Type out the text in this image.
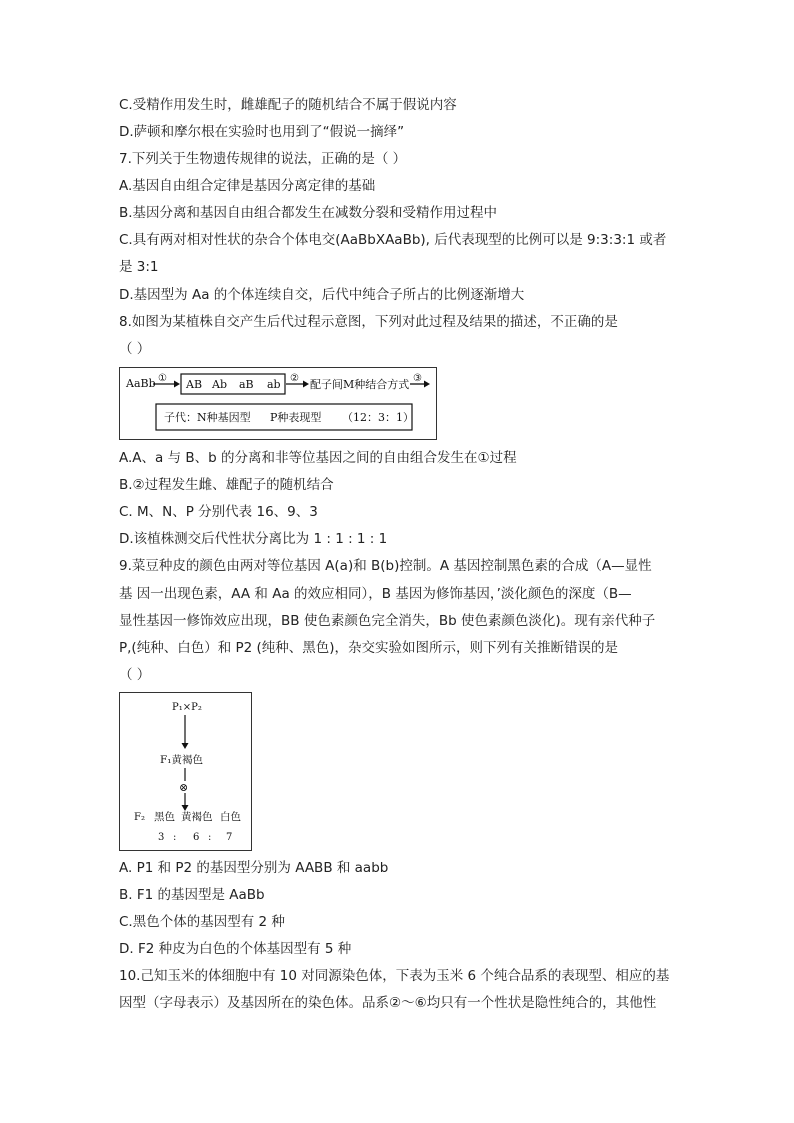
C.受精作用发生时，雌雄配子的随机结合不属于假说内容
D.萨顿和摩尔根在实验时也用到了“假说一摘绎”
7.下列关于生物遗传规律的说法，正确的是（ ）
A.基因自由组合定律是基因分离定律的基础
B.基因分离和基因自由组合都发生在减数分裂和受精作用过程中
C.具有两对相对性状的杂合个体电交(AaBbXAaBb), 后代表现型的比例可以是 9:3:3:1 或者
是 3:1
D.基因型为 Aa 的个体连续自交，后代中纯合子所占的比例逐渐增大
8.如图为某植株自交产生后代过程示意图，下列对此过程及结果的描述，不正确的是
（ ）
AaBb ① AB Ab aB ab ② 配子间M种结合方式 ③
子代：N种基因型 P种表现型 （12：3：1）
A.A、a 与 B、b 的分离和非等位基因之间的自由组合发生在①过程
B.②过程发生雌、雄配子的随机结合
C. M、N、P 分别代表 16、9、3
D.该植株测交后代性状分离比为 1 : 1 : 1 : 1
9.菜豆种皮的颜色由两对等位基因 A(a)和 B(b)控制。A 基因控制黑色素的合成（A—显性
基 因一出现色素，AA 和 Aa 的效应相同），B 基因为修饰基因，’淡化颜色的深度（B—
显性基因一修饰效应出现，BB 使色素颜色完全消失，Bb 使色素颜色淡化)。现有亲代种子
P,(纯种、白色）和 P2 (纯种、黑色)，杂交实验如图所示，则下列有关推断错误的是
（ ）
P₁×P₂
F₁黄褐色
⊗
F₂ 黑色 黄褐色 白色
3 : 6 : 7
A. P1 和 P2 的基因型分别为 AABB 和 aabb
B. F1 的基因型是 AaBb
C.黑色个体的基因型有 2 种
D. F2 种皮为白色的个体基因型有 5 种
10.己知玉米的体细胞中有 10 对同源染色体，下表为玉米 6 个纯合品系的表现型、相应的基
因型（字母表示）及基因所在的染色体。品系②～⑥均只有一个性状是隐性纯合的，其他性
